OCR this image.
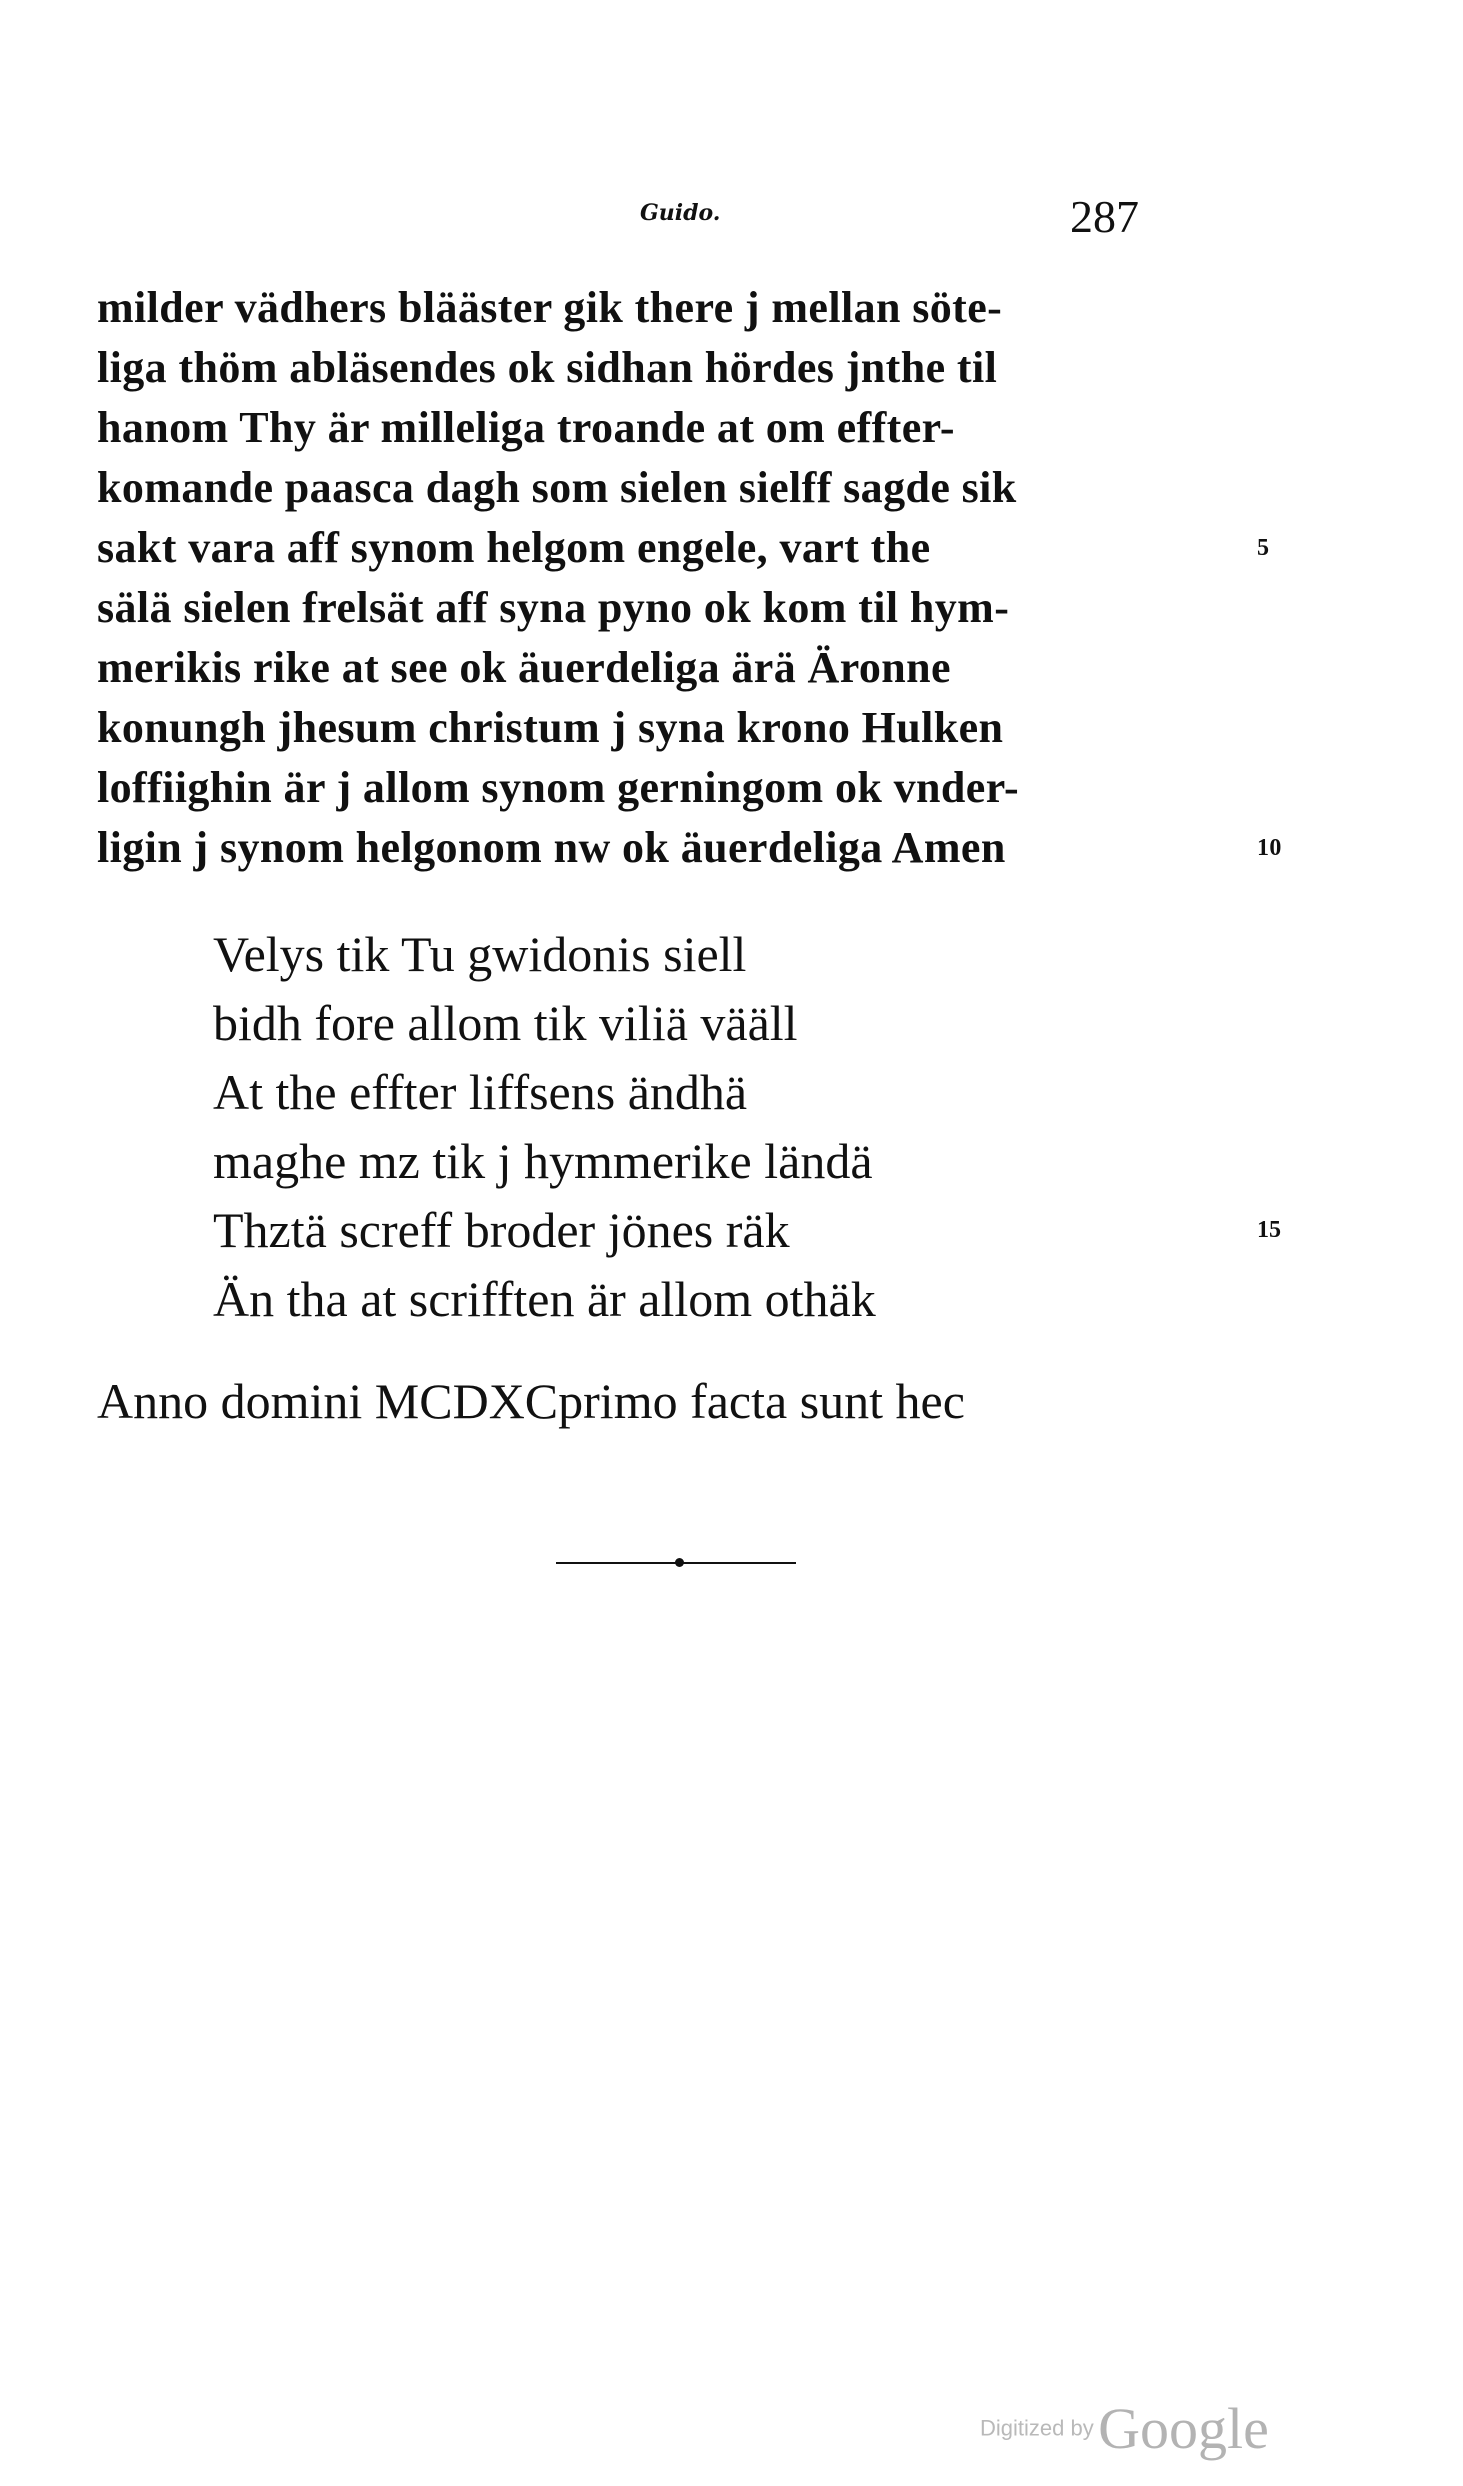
Guido.	287
milder vädhers blääster gik there j mellan söte-
liga thöm abläsendes ok sidhan hördes jnthe til
hanom Thy är milleliga troande at om effter-
komande paasca dagh som sielen sielff sagde sik
sakt vara aff synom helgom engele, vart the	5
sälä sielen frelsät aff syna pyno ok kom til hym-
merikis rike at see ok äuerdeliga ärä Äronne
konungh jhesum christum j syna krono Hulken
loffiighin är j allom synom gerningom ok vnder-
ligin j synom helgonom nw ok äuerdeliga Amen	10
Velys tik Tu gwidonis siell
bidh fore allom tik viliä vääll
At the effter liffsens ändhä
maghe mz tik j hymmerike ländä
Thztä screff broder jönes räk	15
Än tha at scrifften är allom othäk
Anno domini MCDXCprimo facta sunt hec
Digitized by Google
